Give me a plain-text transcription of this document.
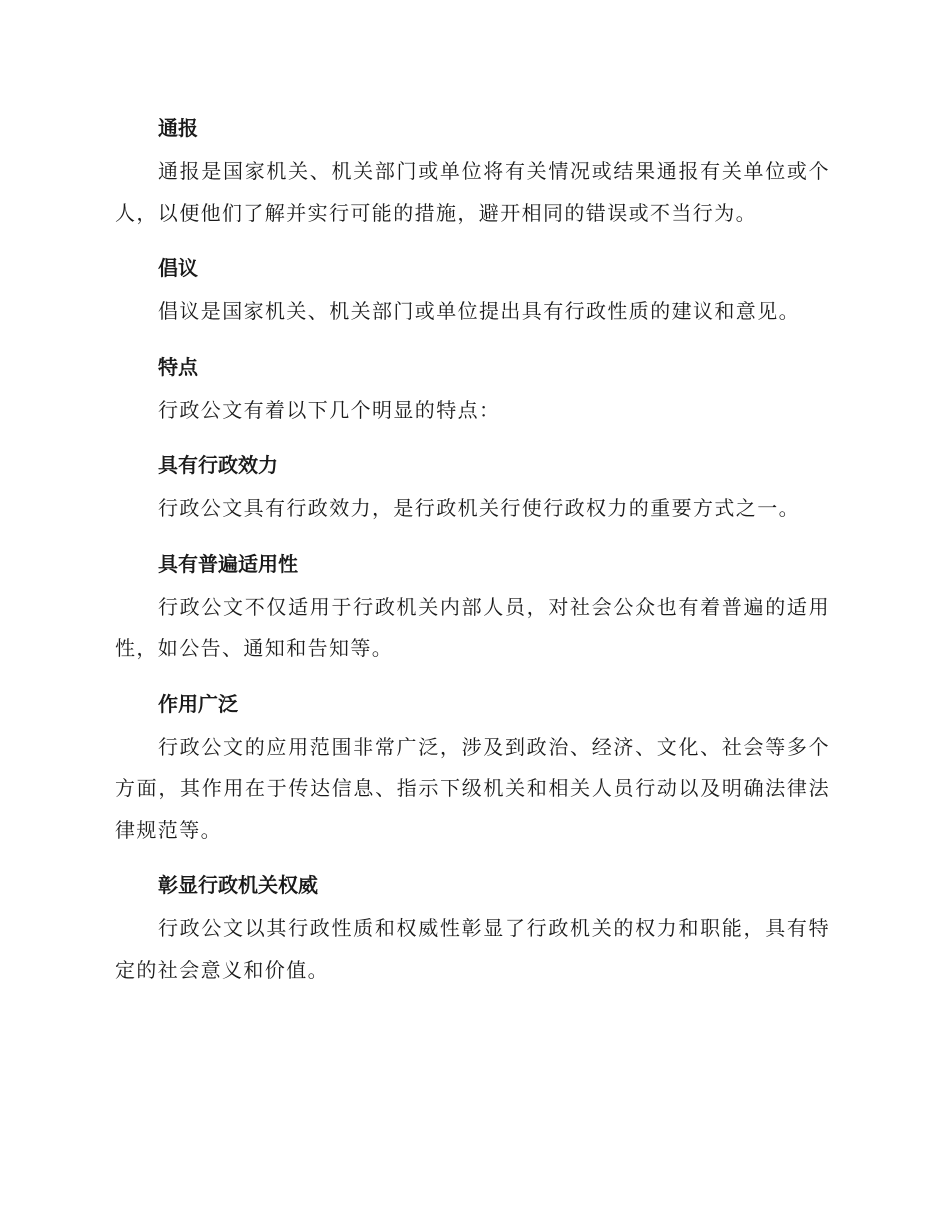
通报

通报是国家机关、机关部门或单位将有关情况或结果通报有关单位或个人，以便他们了解并实行可能的措施，避开相同的错误或不当行为。

倡议

倡议是国家机关、机关部门或单位提出具有行政性质的建议和意见。

特点

行政公文有着以下几个明显的特点：

具有行政效力

行政公文具有行政效力，是行政机关行使行政权力的重要方式之一。

具有普遍适用性

行政公文不仅适用于行政机关内部人员，对社会公众也有着普遍的适用性，如公告、通知和告知等。

作用广泛

行政公文的应用范围非常广泛，涉及到政治、经济、文化、社会等多个方面，其作用在于传达信息、指示下级机关和相关人员行动以及明确法律法律规范等。

彰显行政机关权威

行政公文以其行政性质和权威性彰显了行政机关的权力和职能，具有特定的社会意义和价值。
